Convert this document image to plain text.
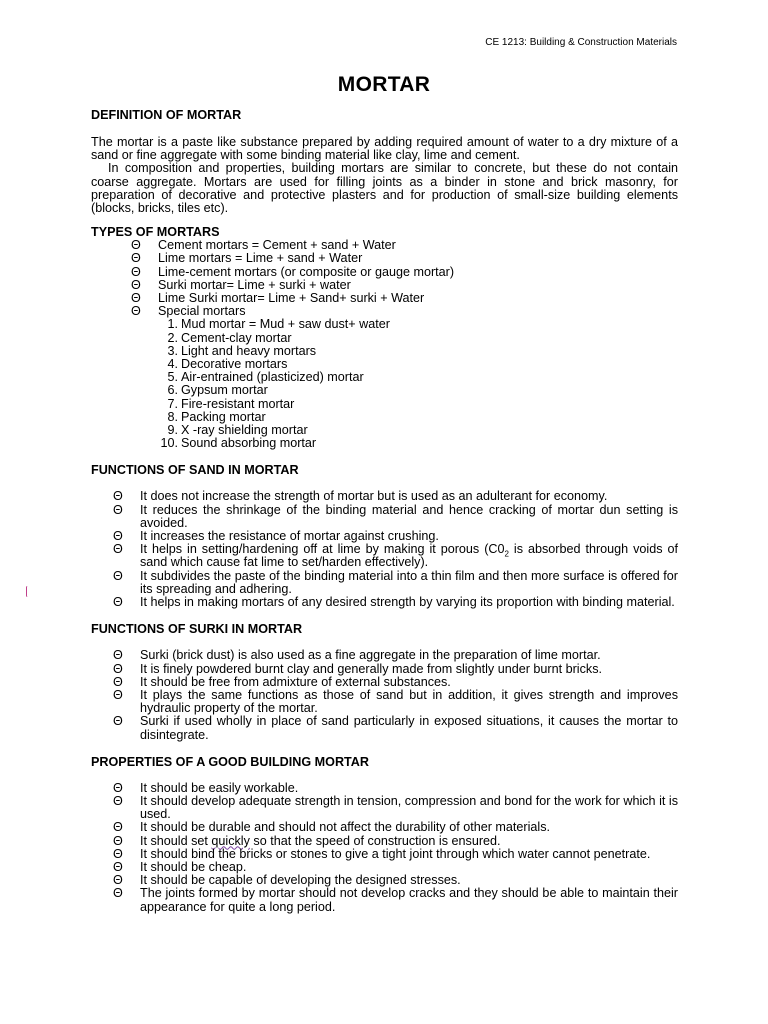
CE 1213: Building & Construction Materials
MORTAR
DEFINITION OF MORTAR

The mortar is a paste like substance prepared by adding required amount of water to a dry mixture of a sand or fine aggregate with some binding material like clay, lime and cement.

In composition and properties, building mortars are similar to concrete, but these do not contain coarse aggregate. Mortars are used for filling joints as a binder in stone and brick masonry, for preparation of decorative and protective plasters and for production of small-size building elements (blocks, bricks, tiles etc).

TYPES OF MORTARS
Θ Cement mortars = Cement + sand + Water
Θ Lime mortars = Lime + sand + Water
Θ Lime-cement mortars (or composite or gauge mortar)
Θ Surki mortar= Lime + surki + water
Θ Lime Surki mortar= Lime + Sand+ surki + Water
Θ Special mortars
1. Mud mortar = Mud + saw dust+ water
2. Cement-clay mortar
3. Light and heavy mortars
4. Decorative mortars
5. Air-entrained (plasticized) mortar
6. Gypsum mortar
7. Fire-resistant mortar
8. Packing mortar
9. X -ray shielding mortar
10. Sound absorbing mortar
FUNCTIONS OF SAND IN MORTAR
Θ It does not increase the strength of mortar but is used as an adulterant for economy.
Θ It reduces the shrinkage of the binding material and hence cracking of mortar dun setting is avoided.
Θ It increases the resistance of mortar against crushing.
Θ It helps in setting/hardening off at lime by making it porous ($C0_2$ is absorbed through voids of sand which cause fat lime to set/harden effectively).
Θ It subdivides the paste of the binding material into a thin film and then more surface is offered for its spreading and adhering.
Θ It helps in making mortars of any desired strength by varying its proportion with binding material.
FUNCTIONS OF SURKI IN MORTAR
Θ Surki (brick dust) is also used as a fine aggregate in the preparation of lime mortar.
Θ It is finely powdered burnt clay and generally made from slightly under burnt bricks.
Θ It should be free from admixture of external substances.
Θ It plays the same functions as those of sand but in addition, it gives strength and improves hydraulic property of the mortar.
Θ Surki if used wholly in place of sand particularly in exposed situations, it causes the mortar to disintegrate.
PROPERTIES OF A GOOD BUILDING MORTAR
Θ It should be easily workable.
Θ It should develop adequate strength in tension, compression and bond for the work for which it is used.
Θ It should be durable and should not affect the durability of other materials.
Θ It should set quickly so that the speed of construction is ensured.
Θ It should bind the bricks or stones to give a tight joint through which water cannot penetrate.
Θ It should be cheap.
Θ It should be capable of developing the designed stresses.
Θ The joints formed by mortar should not develop cracks and they should be able to maintain their appearance for quite a long period.
